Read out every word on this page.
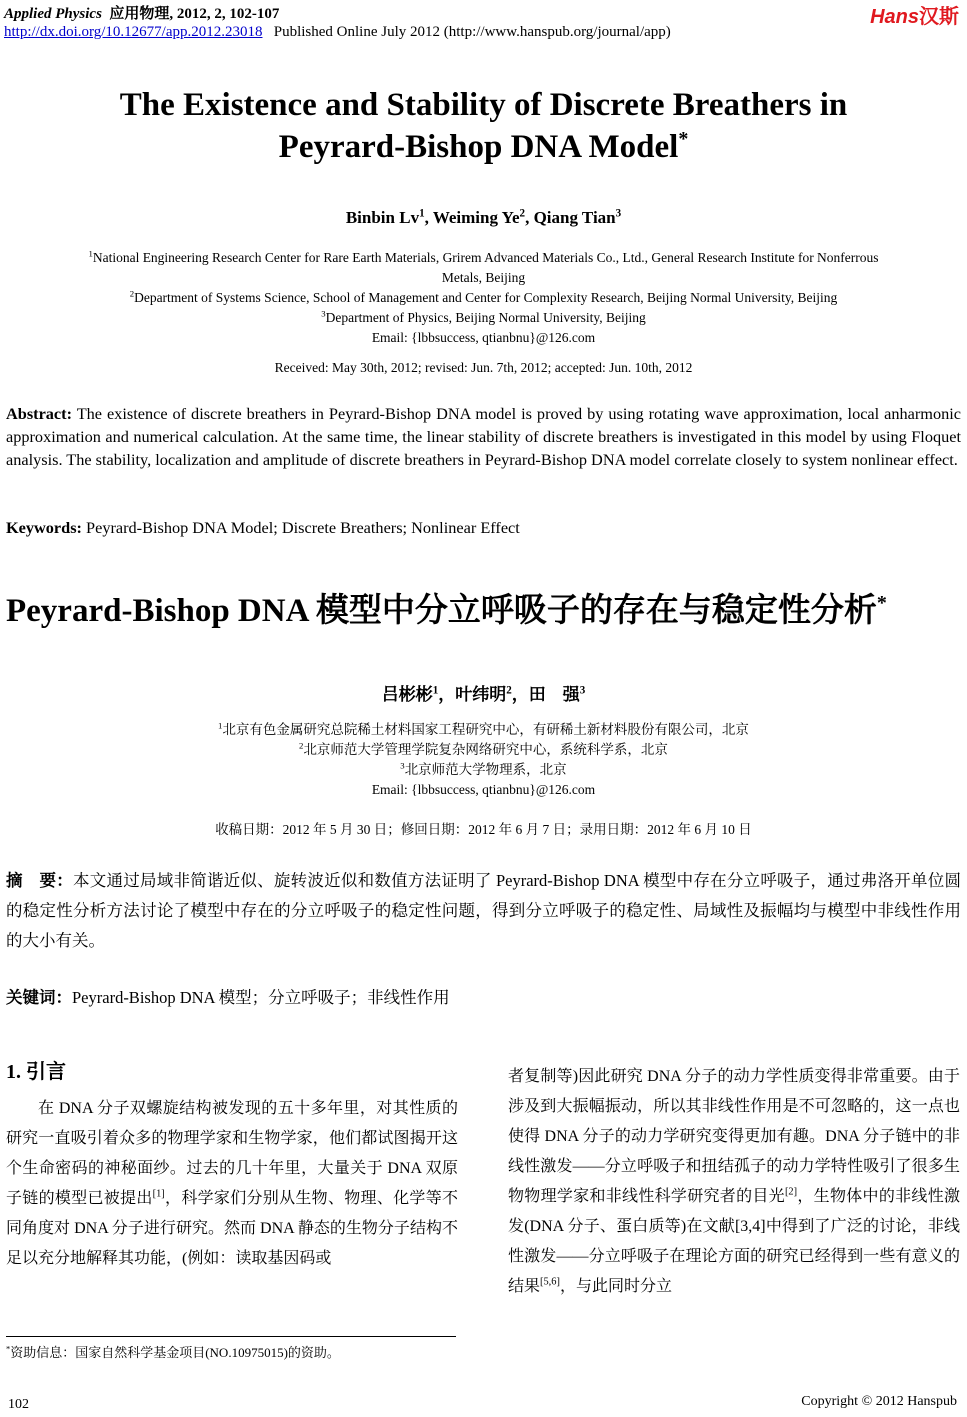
Applied Physics 应用物理, 2012, 2, 102-107
http://dx.doi.org/10.12677/app.2012.23018 Published Online July 2012 (http://www.hanspub.org/journal/app)
Hans汉斯
The Existence and Stability of Discrete Breathers in
Peyrard-Bishop DNA Model*
Binbin Lv$^1$, Weiming Ye$^2$, Qiang Tian$^3$
$^1$National Engineering Research Center for Rare Earth Materials, Grirem Advanced Materials Co., Ltd., General Research Institute for Nonferrous
Metals, Beijing
$^2$Department of Systems Science, School of Management and Center for Complexity Research, Beijing Normal University, Beijing
$^3$Department of Physics, Beijing Normal University, Beijing
Email: {lbbsuccess, qtianbnu}@126.com
Received: May 30th, 2012; revised: Jun. 7th, 2012; accepted: Jun. 10th, 2012
Abstract: The existence of discrete breathers in Peyrard-Bishop DNA model is proved by using rotating wave approximation, local anharmonic approximation and numerical calculation. At the same time, the linear stability of discrete breathers is investigated in this model by using Floquet analysis. The stability, localization and amplitude of discrete breathers in Peyrard-Bishop DNA model correlate closely to system nonlinear effect.
Keywords: Peyrard-Bishop DNA Model; Discrete Breathers; Nonlinear Effect
Peyrard-Bishop DNA 模型中分立呼吸子的存在与稳定性分析*
吕彬彬$^1$，叶纬明$^2$，田　强$^3$
$^1$北京有色金属研究总院稀土材料国家工程研究中心，有研稀土新材料股份有限公司，北京
$^2$北京师范大学管理学院复杂网络研究中心，系统科学系，北京
$^3$北京师范大学物理系，北京
Email: {lbbsuccess, qtianbnu}@126.com
收稿日期：2012 年 5 月 30 日；修回日期：2012 年 6 月 7 日；录用日期：2012 年 6 月 10 日
摘　要：本文通过局域非简谐近似、旋转波近似和数值方法证明了 Peyrard-Bishop DNA 模型中存在分立呼吸子，通过弗洛开单位圆的稳定性分析方法讨论了模型中存在的分立呼吸子的稳定性问题，得到分立呼吸子的稳定性、局域性及振幅均与模型中非线性作用的大小有关。
关键词：Peyrard-Bishop DNA 模型；分立呼吸子；非线性作用
1. 引言
在 DNA 分子双螺旋结构被发现的五十多年里，对其性质的研究一直吸引着众多的物理学家和生物学家，他们都试图揭开这个生命密码的神秘面纱。过去的几十年里，大量关于 DNA 双原子链的模型已被提出[1]，科学家们分别从生物、物理、化学等不同角度对 DNA 分子进行研究。然而 DNA 静态的生物分子结构不足以充分地解释其功能，(例如：读取基因码或
者复制等)因此研究 DNA 分子的动力学性质变得非常重要。由于涉及到大振幅振动，所以其非线性作用是不可忽略的，这一点也使得 DNA 分子的动力学研究变得更加有趣。DNA 分子链中的非线性激发——分立呼吸子和扭结孤子的动力学特性吸引了很多生物物理学家和非线性科学研究者的目光[2]，生物体中的非线性激发(DNA 分子、蛋白质等)在文献[3,4]中得到了广泛的讨论，非线性激发——分立呼吸子在理论方面的研究已经得到一些有意义的结果[5,6]，与此同时分立
*资助信息：国家自然科学基金项目(NO.10975015)的资助。
102	Copyright © 2012 Hanspub
